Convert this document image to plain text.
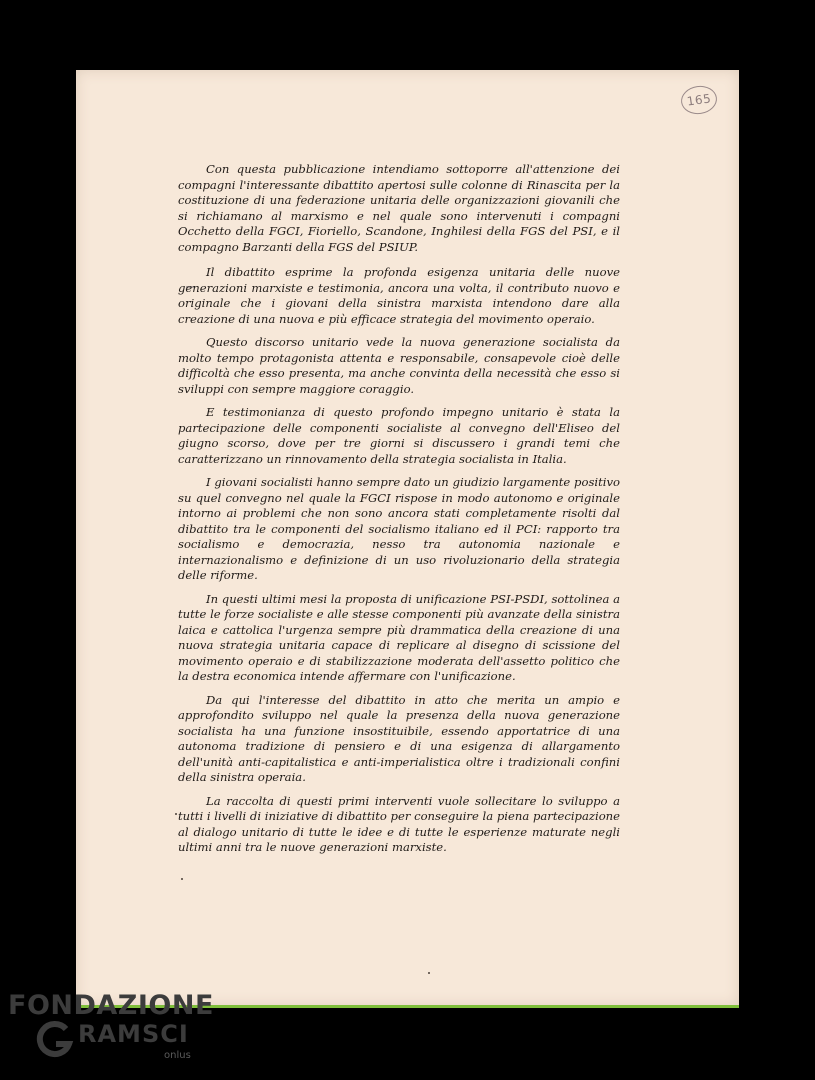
165

Con questa pubblicazione intendiamo sottoporre all'attenzione dei compagni l'interessante dibattito apertosi sulle colonne di Rinascita per la costituzione di una federazione unitaria delle organizzazioni giovanili che si richiamano al marxismo e nel quale sono intervenuti i compagni Occhetto della FGCI, Fioriello, Scandone, Inghilesi della FGS del PSI, e il compagno Barzanti della FGS del PSIUP.

Il dibattito esprime la profonda esigenza unitaria delle nuove generazioni marxiste e testimonia, ancora una volta, il contributo nuovo e originale che i giovani della sinistra marxista intendono dare alla creazione di una nuova e più efficace strategia del movimento operaio.

Questo discorso unitario vede la nuova generazione socialista da molto tempo protagonista attenta e responsabile, consapevole cioè delle difficoltà che esso presenta, ma anche convinta della necessità che esso si sviluppi con sempre maggiore coraggio.

E testimonianza di questo profondo impegno unitario è stata la partecipazione delle componenti socialiste al convegno dell'Eliseo del giugno scorso, dove per tre giorni si discussero i grandi temi che caratterizzano un rinnovamento della strategia socialista in Italia.

I giovani socialisti hanno sempre dato un giudizio largamente positivo su quel convegno nel quale la FGCI rispose in modo autonomo e originale intorno ai problemi che non sono ancora stati completamente risolti dal dibattito tra le componenti del socialismo italiano ed il PCI: rapporto tra socialismo e democrazia, nesso tra autonomia nazionale e internazionalismo e definizione di un uso rivoluzionario della strategia delle riforme.

In questi ultimi mesi la proposta di unificazione PSI-PSDI, sottolinea a tutte le forze socialiste e alle stesse componenti più avanzate della sinistra laica e cattolica l'urgenza sempre più drammatica della creazione di una nuova strategia unitaria capace di replicare al disegno di scissione del movimento operaio e di stabilizzazione moderata dell'assetto politico che la destra economica intende affermare con l'unificazione.

Da qui l'interesse del dibattito in atto che merita un ampio e approfondito sviluppo nel quale la presenza della nuova generazione socialista ha una funzione insostituibile, essendo apportatrice di una autonoma tradizione di pensiero e di una esigenza di allargamento dell'unità anti-capitalistica e anti-imperialistica oltre i tradizionali confini della sinistra operaia.

La raccolta di questi primi interventi vuole sollecitare lo sviluppo a tutti i livelli di iniziative di dibattito per conseguire la piena partecipazione al dialogo unitario di tutte le idee e di tutte le esperienze maturate negli ultimi anni tra le nuove generazioni marxiste.

FONDAZIONE
RAMSCI
onlus
